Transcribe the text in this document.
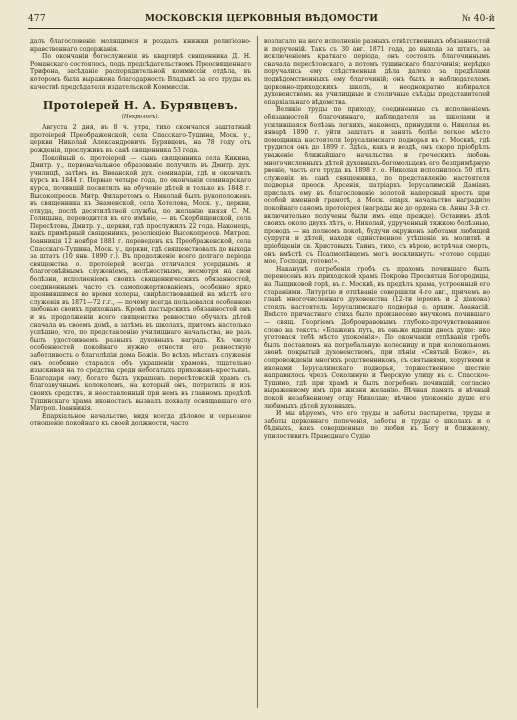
477	МОСКОВСКІЯ ЦЕРКОВНЫЯ ВѢДОМОСТИ	№ 40-й

далъ благословеніе молящимся и роздалъ книжки религіозно-нравственнаго содержанія.

По окончаніи богослуженія въ квартирѣ священника Д. Н. Романскаго состоялось, подъ предсѣдательствомъ Преосвященнаго Трифона, засѣданіе распорядительной коммиссіи отдѣла, въ которомъ была выражена благодарность Владыкѣ за его труды въ качествѣ предсѣдателя издательской Коммиссіи.

Протоіерей Н. А. Бурявцевъ.
(Некрологъ).

Августа 2 дня, въ 8 ч. утра, тихо скончался заштатный протоіерей Преображенской, села Спасскаго-Тушина, Моск. у., церкви Николай Александровичъ Бурявцевъ, на 78 году отъ рожденія, прослуживъ въ санѣ священника 53 года.

Покойный о. протоіерей — сынъ священника села Кикина, Дмитр. у., первоначальное образованіе получилъ въ Дмитр. дух. училищѣ, затѣмъ въ Виѳанской дух. семинаріи, гдѣ и окончилъ курсъ въ 1844 г. Первые четыре года, по окончаніи семинарскаго курса, почившій посвятилъ на обученіе дѣтей и только въ 1848 г. Высокопреосв. Митр. Филаретомъ о. Николай былъ рукоположенъ въ священника къ Знаменской, села Хотелова, Моск. у., церкви, откуда, послѣ десятилѣтней службы, по желанію князя С. М. Голицына, переводится въ его имѣніе, — въ Скорбященской, села Пересѣтова, Дмитр. у., церкви, гдѣ прослужилъ 22 года. Наконецъ, какъ примѣрный священникъ, резолюціею Высокопреосв. Митроп. Іоанникія 12 ноября 1881 г. переведенъ къ Преображенской, села Спасскаго-Тушина, Моск. у., церкви, гдѣ священствовалъ до выхода за штатъ (10 янв. 1890 г.). Въ продолженіе всего долгаго періода священства о. протоіерей всегда отличался усерднымъ и благоговѣйнымъ служеніемъ, нелѣностнымъ, несмотря на свои болѣзни, исполненіемъ своихъ священническихъ обязанностей, соединеннымъ часто съ самопожертвованіемъ, особенно ярко проявившимся во время холеры, свирѣпствовавшей на мѣстѣ его служенія въ 1871—72 г.г., — почему всегда пользовался особенною любовью своихъ прихожанъ. Кромѣ пастырскихъ обязанностей онъ и въ продолженіи всего священства ревностно обучалъ дѣтей сначала въ своемъ домѣ, а затѣмъ въ школахъ, притомъ настолько успѣшно, что, по представленію училищнаго начальства, не разъ былъ удостоиваемъ разныхъ духовныхъ наградъ. Къ числу особенностей покойнаго нужно отнести его ревностную заботливость о благолѣпіи дома Божія. Во всѣхъ мѣстахъ служенія онъ особенно старался объ украшеніи храмовъ, тщательно изыскивая на то средства среди небогатыхъ прихожанъ-крестьянъ. Благодаря ему, богато былъ украшенъ пересѣтовскій храмъ съ благозвучнымъ колоколомъ, на который онъ, потратилъ и изъ своихъ средствъ, и неоставленный при немъ въ главномъ предѣлѣ Тушинскаго храма иконостасъ вызвалъ похвалу освящавшаго его Митроп. Іоанникія.

Епархіальное начальство, видя всегда дѣловое и серьезное отношеніе покойнаго къ своей должности, часто

возлагало на него исполненіе разныхъ отвѣтственныхъ обязанностей и порученій. Такъ съ 30 авг. 1871 года, до выхода за штатъ, за исключеніемъ краткаго періода, онъ состоялъ благочиннымъ сначала пересѣтовскаго, а потомъ тушинскаго благочинія; нерѣдко поручались ему слѣдственныя дѣла далеко за предѣлами подвѣдомственныхъ ему благочиній; онъ былъ и наблюдателемъ церковно-приходскихъ школъ, и неоднократно избирался духовенствомъ на училищные и столичные съѣзды представителей епархіальнаго вѣдомства.

Великіе труды по приходу, соединенные съ исполненіемъ обязанностей благочиннаго, наблюдателя за школами и усилившаяся болѣзнь легкихъ, наконецъ, принудили о. Николая въ январѣ 1890 г. уйти заштатъ и занять болѣе легкое мѣсто помощника настоятеля Іерусалимскаго подворья въ г. Москвѣ, гдѣ трудился онъ до 1899 г. Здѣсь, какъ и вездѣ, онъ скоро пріобрѣлъ уваженіе ближайшаго начальства и греческихъ любовь многочисленныхъ дѣтей духовныхъ-богомольцевъ его безпримѣрную рвеніе, часть его труда въ 1898 г. о. Николая исполнилось 50 лѣтъ служенія въ санѣ священника, по представленію настоятеля подворья преосв. Арсенія, патріархъ Іерусалимскій Даміанъ прислалъ ему въ благословеніе золотой наперсный крестъ при особой именной грамотѣ, а Моск. епарх. начальство наградило покойнаго саномъ протоіерея (награды же до ордена св. Анны 3-й ст. включительно получены были имъ еще прежде). Оставивъ дѣлѣ своихъ около двухъ лѣтъ, о. Николай, удрученный тяжкою болѣзнью, проводъ — на полномъ покоѣ, будучи окруженъ заботами любящей супруги и дѣтей, находя единственное утѣшеніе въ молитвѣ и пріобщеніи св. Христовыхъ Таинъ, тихо, съ вѣрою, встрѣчая смерть, онъ вмѣстѣ съ Псалмопѣвцемъ могъ воскликнуть: «готово сердце мое, Господи, готово!».

Наканунѣ погребенія гробъ съ прахомъ почившаго былъ перенесенъ изъ приходской храмъ Покрова Пресвятыя Богородицы, на Лыщиковой горѣ, въ г. Москвѣ, въ предѣлъ храма, устроенный его стараніями. Литургію и отпѣваніе совершили 4-го авг., причемъ во главѣ многочисленнаго духовенства (12-ти іереевъ и 2 діакона) стоялъ настоятель Іерусалимскаго подворья о. архим. Аѳанасій. Вмѣсто причастнаго стиха было произнесено внучкомъ почившаго — свящ. Георгіемъ Добронравовымъ глубоко-прочувствованное слово на текстъ: «Блаженъ путь, въ оньже идеши днесь душе: яко уготовася тебѣ мѣсто упокоенія». По окончаніи отпѣванія гробъ былъ поставленъ на погребальную колесницу и при колокольномъ звонѣ покрытый духовенствомъ, при пѣніи «Святый Боже», въ сопровожденіи многихъ родственниковъ, съ святынями, хоругвями и иконами Іерусалимскаго подворья, торжественное шествіе направилось чрезъ Соколиную и Тверскую улицу въ с. Спасское-Тушино, гдѣ при храмѣ и былъ погребенъ почившій, согласно выраженному имъ при жизни желанію. Вѣчная память и вѣчный покой незабвенному отцу Николаю; вѣчное упокоеніе душе его любимыхъ дѣтей духовныхъ.

И мы вѣруемъ, что его труды и заботы пастыретва, труды и заботы церковнаго попеченія, заботы и труды о школахъ и о бѣдныхъ, какъ совершенные по любви къ Богу и ближнему, упилостивитъ Праведнаго Судію
